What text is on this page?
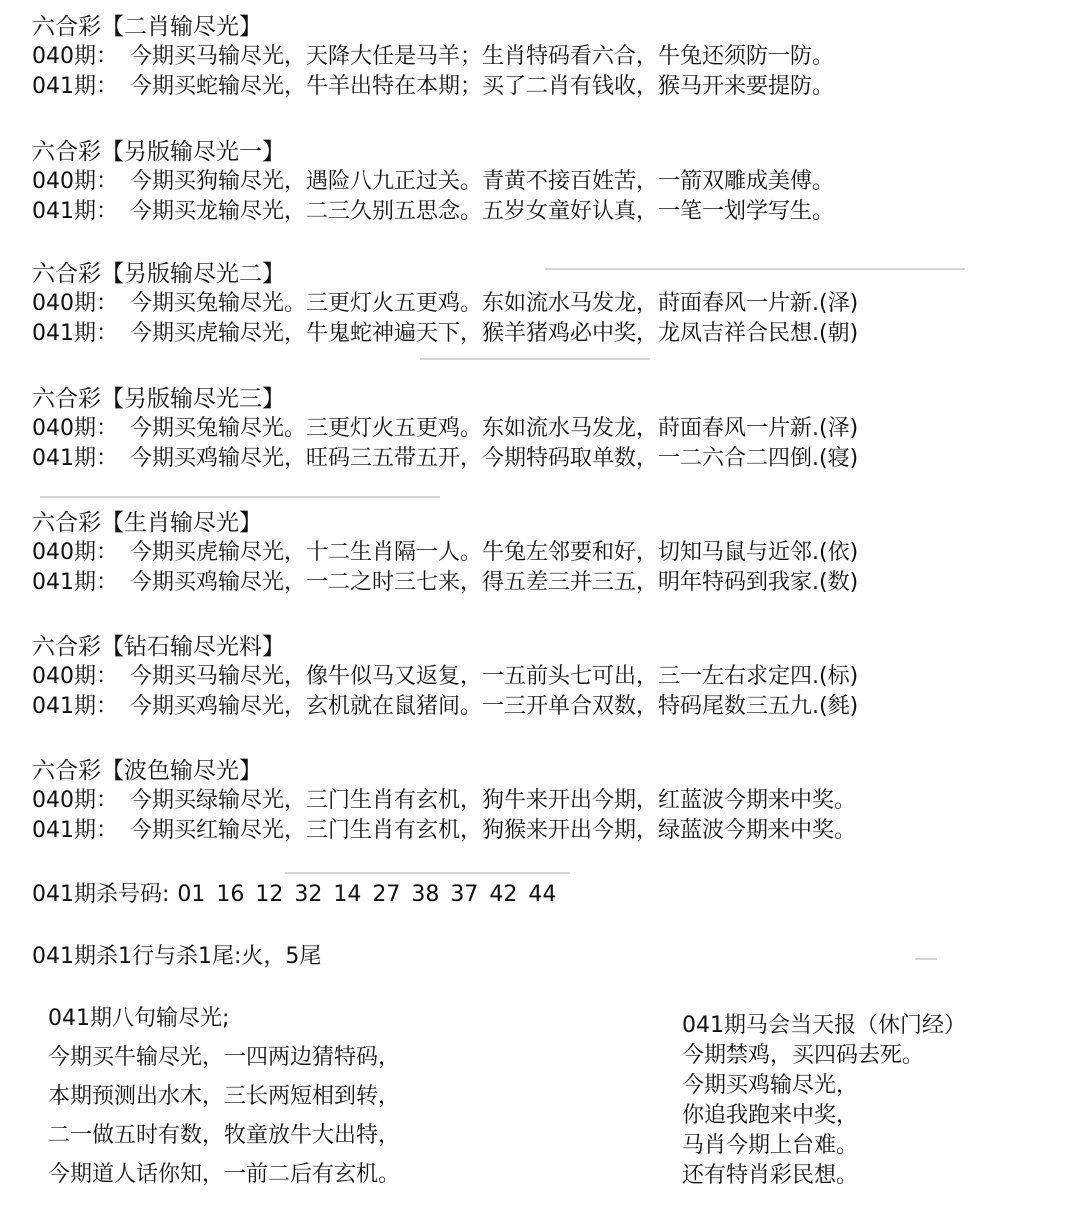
六合彩【二肖输尽光】
040期： 今期买马输尽光，天降大任是马羊；生肖特码看六合，牛兔还须防一防。
041期： 今期买蛇输尽光，牛羊出特在本期；买了二肖有钱收，猴马开来要提防。
六合彩【另版输尽光一】
040期： 今期买狗输尽光，遇险八九正过关。青黄不接百姓苦，一箭双雕成美傅。
041期： 今期买龙输尽光，二三久别五思念。五岁女童好认真，一笔一划学写生。
六合彩【另版输尽光二】
040期： 今期买兔输尽光。三更灯火五更鸡。东如流水马发龙，莳面春风一片新.(泽)
041期： 今期买虎输尽光，牛鬼蛇神遍天下，猴羊猪鸡必中奖，龙凤吉祥合民想.(朝)
六合彩【另版输尽光三】
040期： 今期买兔输尽光。三更灯火五更鸡。东如流水马发龙，莳面春风一片新.(泽)
041期： 今期买鸡输尽光，旺码三五带五开，今期特码取单数，一二六合二四倒.(寝)
六合彩【生肖输尽光】
040期： 今期买虎输尽光，十二生肖隔一人。牛兔左邻要和好，切知马鼠与近邻.(依)
041期： 今期买鸡输尽光，一二之时三七来，得五差三并三五，明年特码到我家.(数)
六合彩【钻石输尽光料】
040期： 今期买马输尽光，像牛似马又返复，一五前头七可出，三一左右求定四.(标)
041期： 今期买鸡输尽光，玄机就在鼠猪间。一三开单合双数，特码尾数三五九.(毵)
六合彩【波色输尽光】
040期： 今期买绿输尽光，三门生肖有玄机，狗牛来开出今期，红蓝波今期来中奖。
041期： 今期买红输尽光，三门生肖有玄机，狗猴来开出今期，绿蓝波今期来中奖。
041期杀号码: 01 16 12 32 14 27 38 37 42 44
041期杀1行与杀1尾:火，5尾
041期八句输尽光;
今期买牛输尽光，一四两边猜特码，
本期预测出水木，三长两短相到转，
二一做五时有数，牧童放牛大出特，
今期道人话你知，一前二后有玄机。
041期马会当天报（休门经）
今期禁鸡，买四码去死。
今期买鸡输尽光，
你追我跑来中奖，
马肖今期上台难。
还有特肖彩民想。
